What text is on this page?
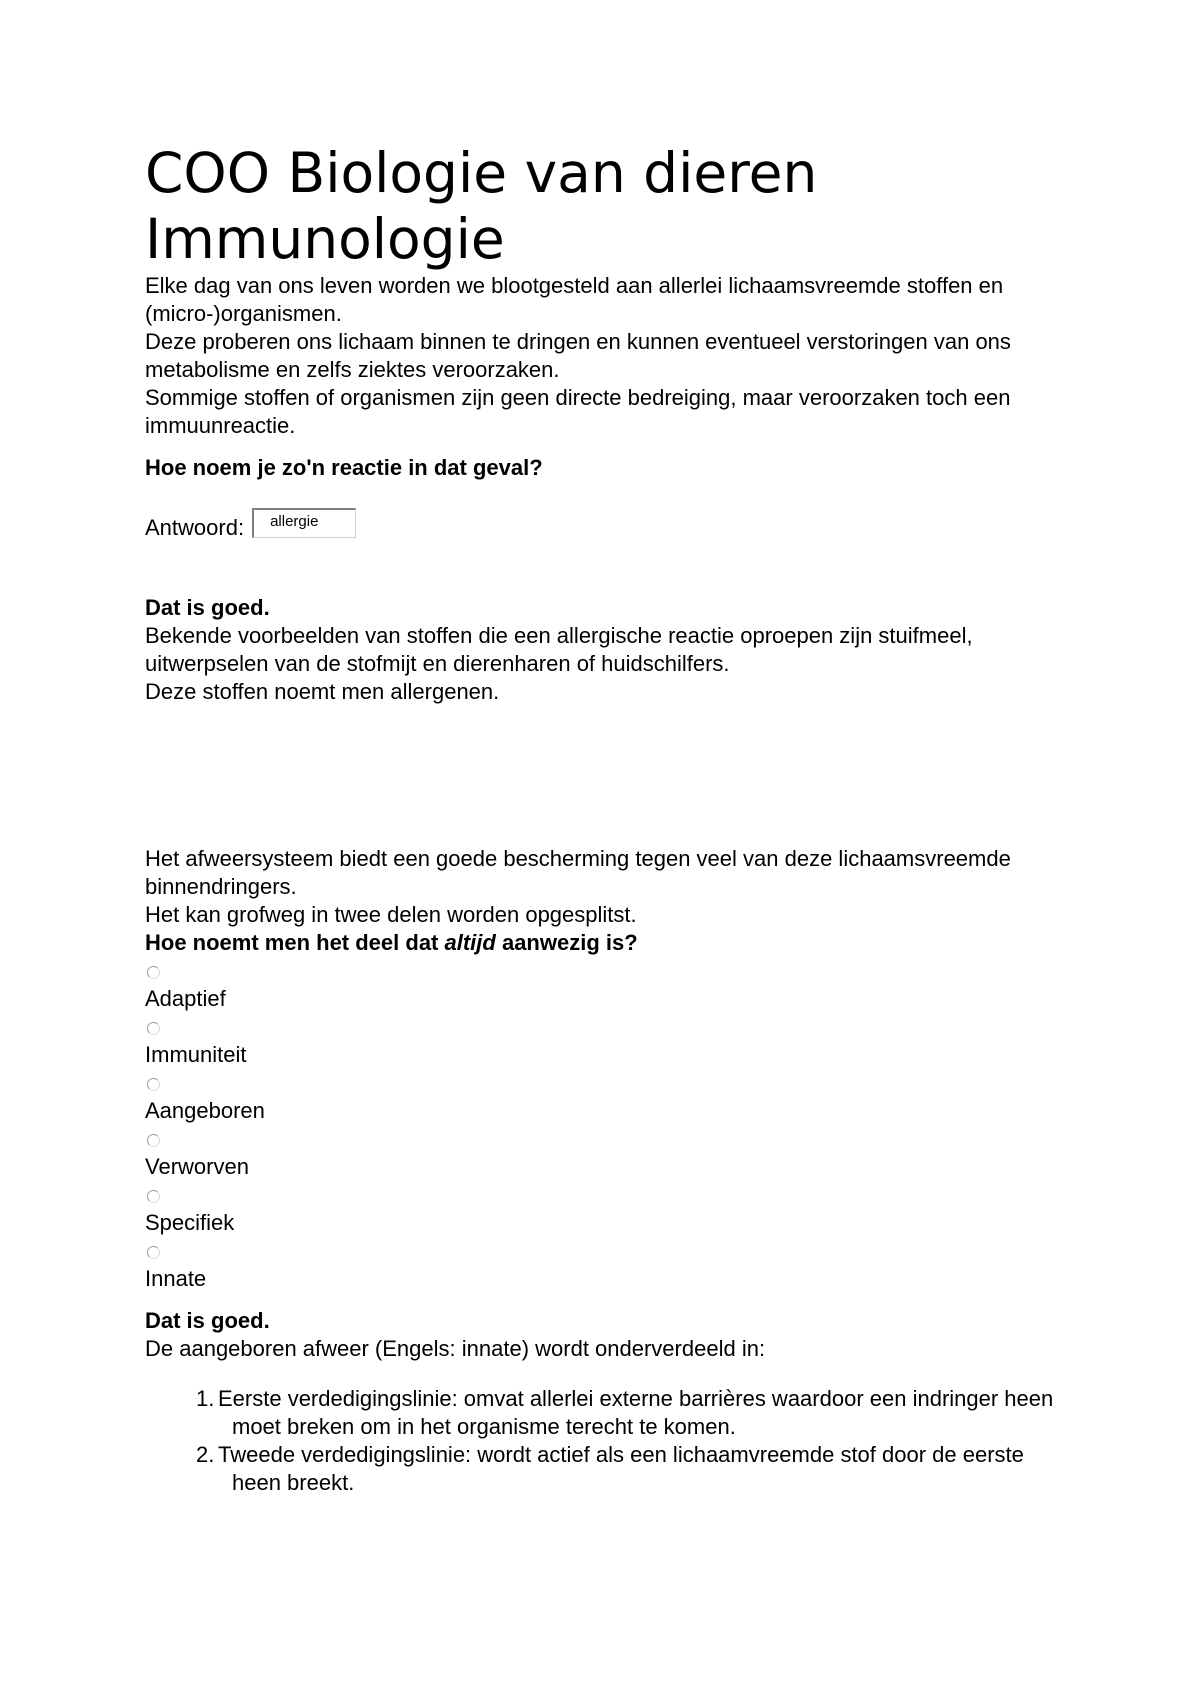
COO Biologie van dieren
Immunologie

Elke dag van ons leven worden we blootgesteld aan allerlei lichaamsvreemde stoffen en (micro-)organismen.

Deze proberen ons lichaam binnen te dringen en kunnen eventueel verstoringen van ons metabolisme en zelfs ziektes veroorzaken.

Sommige stoffen of organismen zijn geen directe bedreiging, maar veroorzaken toch een immuunreactie.

Hoe noem je zo'n reactie in dat geval?

Antwoord:	allergie

Dat is goed.

Bekende voorbeelden van stoffen die een allergische reactie oproepen zijn stuifmeel, uitwerpselen van de stofmijt en dierenharen of huidschilfers.

Deze stoffen noemt men allergenen.

Het afweersysteem biedt een goede bescherming tegen veel van deze lichaamsvreemde binnendringers.

Het kan grofweg in twee delen worden opgesplitst.

Hoe noemt men het deel dat altijd aanwezig is?

Adaptief

Immuniteit

Aangeboren

Verworven

Specifiek

Innate

Dat is goed.

De aangeboren afweer (Engels: innate) wordt onderverdeeld in:

1. Eerste verdedigingslinie: omvat allerlei externe barrières waardoor een indringer heen moet breken om in het organisme terecht te komen.
2. Tweede verdedigingslinie: wordt actief als een lichaamvreemde stof door de eerste heen breekt.
